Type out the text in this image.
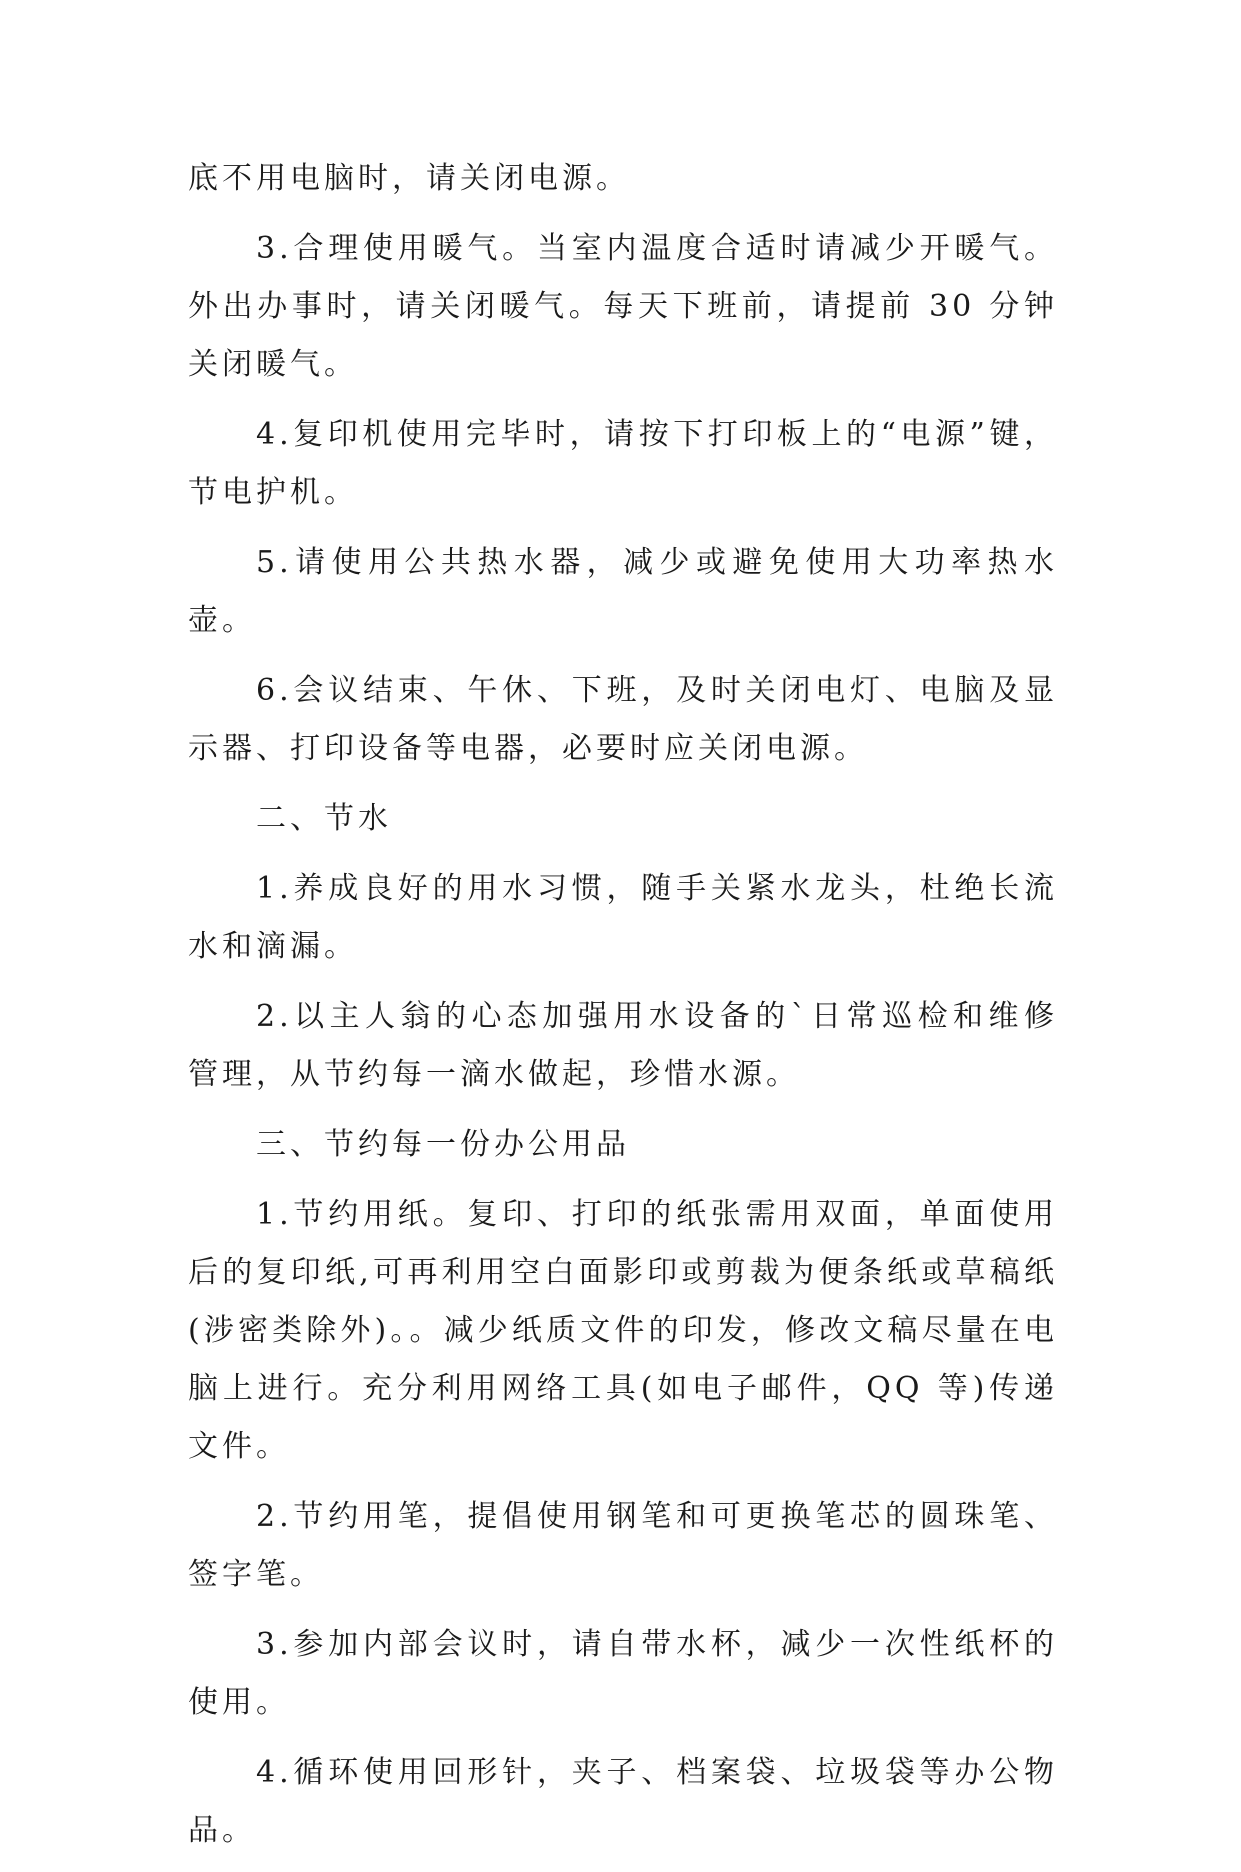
底不用电脑时，请关闭电源。

3.合理使用暖气。当室内温度合适时请减少开暖气。外出办事时，请关闭暖气。每天下班前，请提前 30 分钟关闭暖气。

4.复印机使用完毕时，请按下打印板上的“电源”键，节电护机。

5.请使用公共热水器，减少或避免使用大功率热水壶。

6.会议结束、午休、下班，及时关闭电灯、电脑及显示器、打印设备等电器，必要时应关闭电源。

二、节水

1.养成良好的用水习惯，随手关紧水龙头，杜绝长流水和滴漏。

2.以主人翁的心态加强用水设备的`日常巡检和维修管理，从节约每一滴水做起，珍惜水源。

三、节约每一份办公用品

1.节约用纸。复印、打印的纸张需用双面，单面使用后的复印纸,可再利用空白面影印或剪裁为便条纸或草稿纸(涉密类除外)。。减少纸质文件的印发，修改文稿尽量在电脑上进行。充分利用网络工具(如电子邮件，QQ 等)传递文件。

2.节约用笔，提倡使用钢笔和可更换笔芯的圆珠笔、签字笔。

3.参加内部会议时，请自带水杯，减少一次性纸杯的使用。

4.循环使用回形针，夹子、档案袋、垃圾袋等办公物品。
